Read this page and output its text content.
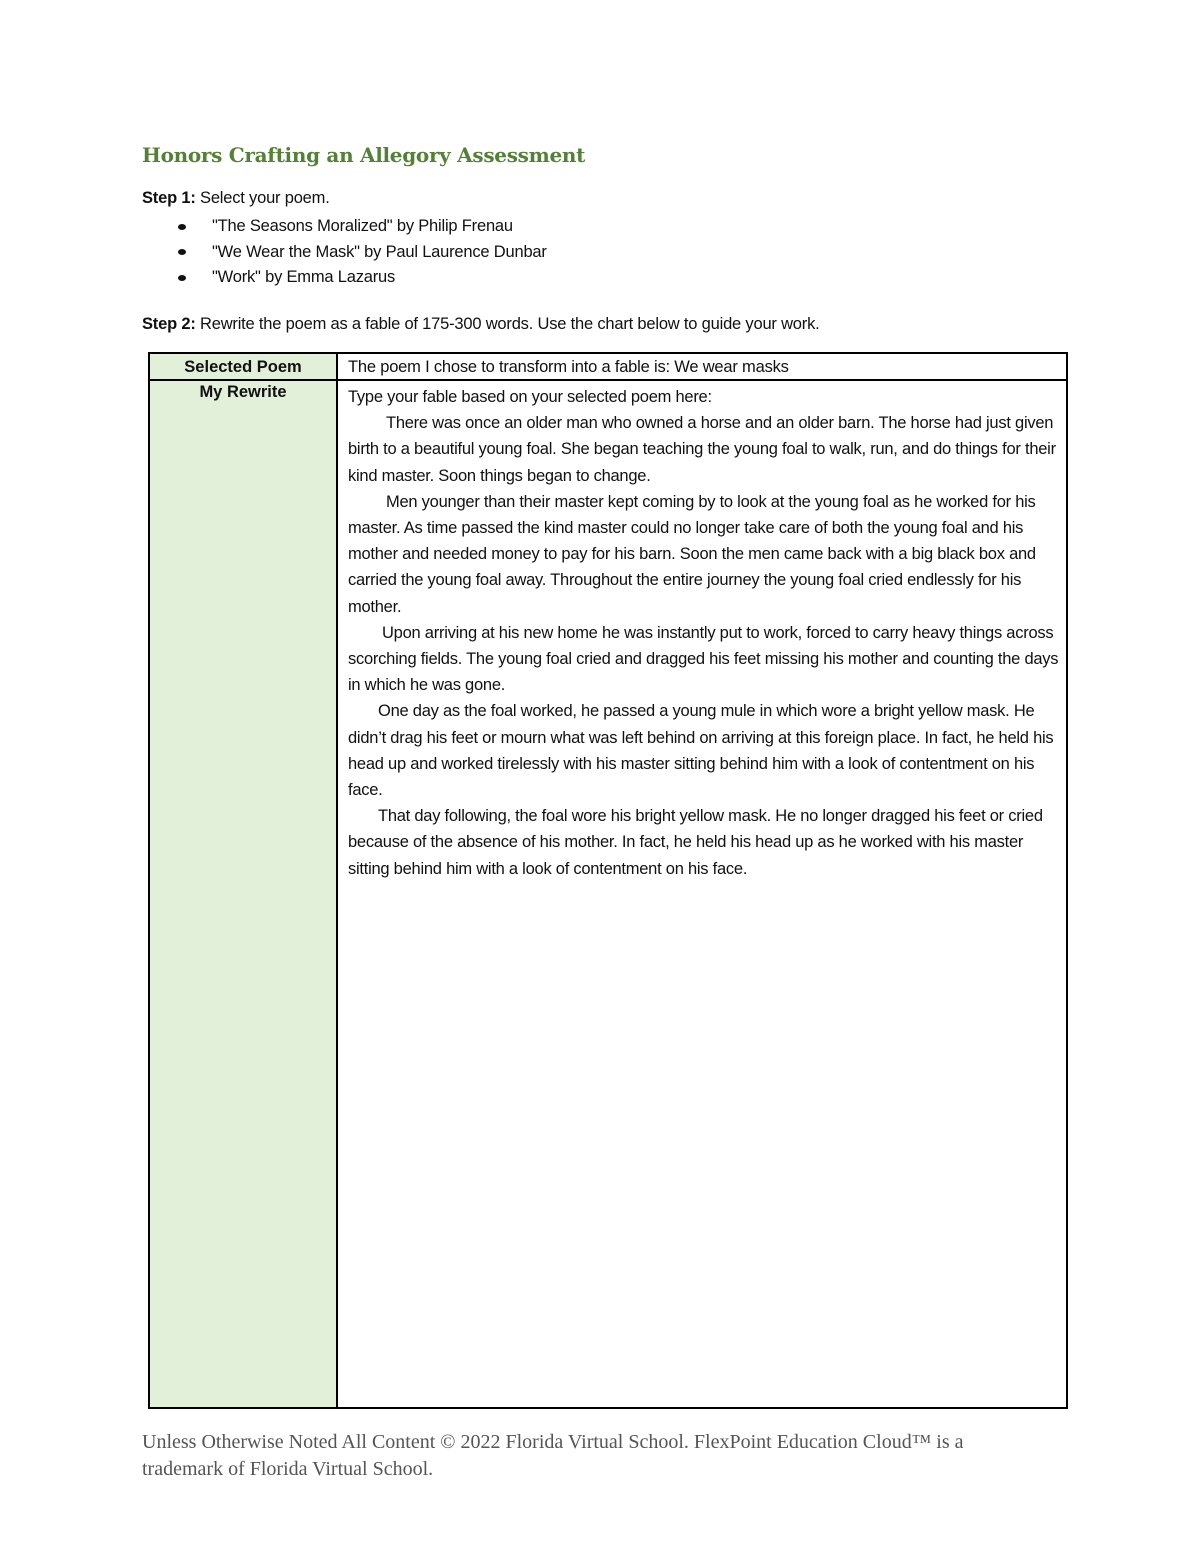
Honors Crafting an Allegory Assessment
Step 1: Select your poem.
"The Seasons Moralized" by Philip Frenau
"We Wear the Mask" by Paul Laurence Dunbar
"Work" by Emma Lazarus
Step 2: Rewrite the poem as a fable of 175-300 words. Use the chart below to guide your work.
Selected Poem
My Rewrite
The poem I chose to transform into a fable is: We wear masks

Type your fable based on your selected poem here:

There was once an older man who owned a horse and an older barn. The horse had just given birth to a beautiful young foal. She began teaching the young foal to walk, run, and do things for their kind master. Soon things began to change.

Men younger than their master kept coming by to look at the young foal as he worked for his master. As time passed the kind master could no longer take care of both the young foal and his mother and needed money to pay for his barn. Soon the men came back with a big black box and carried the young foal away. Throughout the entire journey the young foal cried endlessly for his mother.

Upon arriving at his new home he was instantly put to work, forced to carry heavy things across scorching fields. The young foal cried and dragged his feet missing his mother and counting the days in which he was gone.

One day as the foal worked, he passed a young mule in which wore a bright yellow mask. He didn’t drag his feet or mourn what was left behind on arriving at this foreign place. In fact, he held his head up and worked tirelessly with his master sitting behind him with a look of contentment on his face.

That day following, the foal wore his bright yellow mask. He no longer dragged his feet or cried because of the absence of his mother. In fact, he held his head up as he worked with his master sitting behind him with a look of contentment on his face.

Unless Otherwise Noted All Content © 2022 Florida Virtual School. FlexPoint Education Cloud™ is a trademark of Florida Virtual School.
